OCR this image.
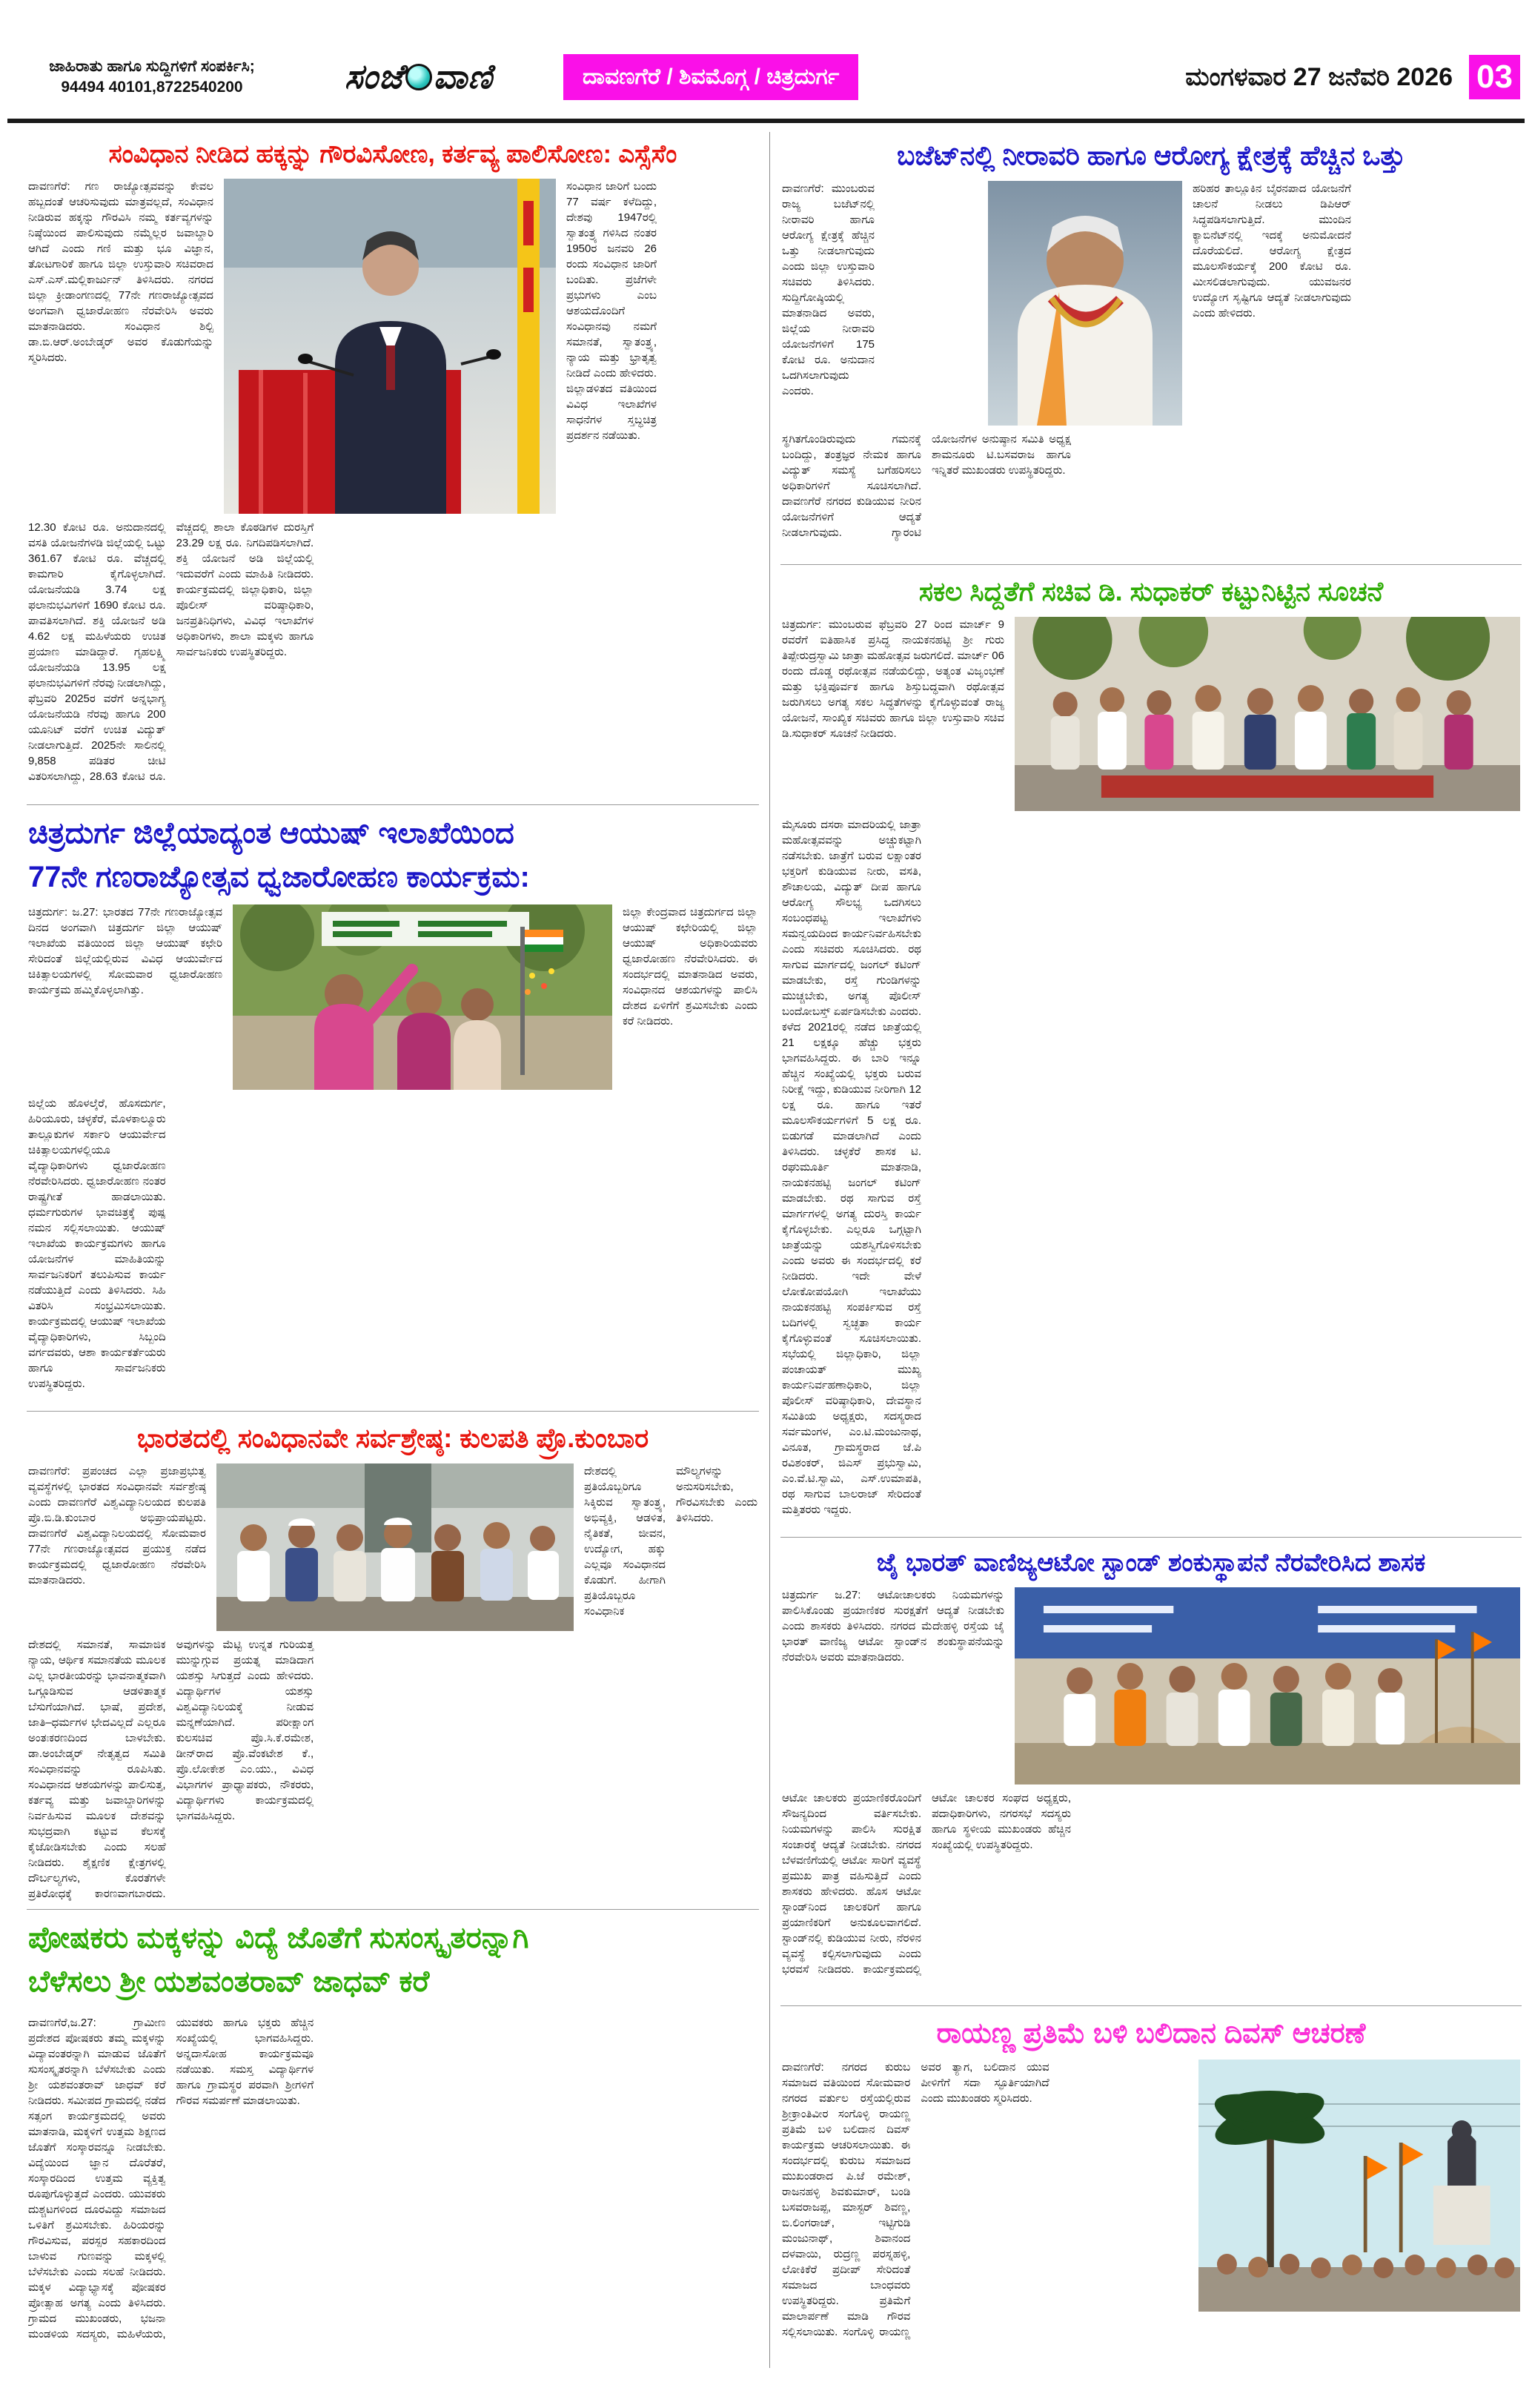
ಜಾಹಿರಾತು ಹಾಗೂ ಸುದ್ದಿಗಳಿಗೆ ಸಂಪರ್ಕಿಸಿ;
94494 40101,8722540200	ಸಂಜೆ ವಾಣಿ	ದಾವಣಗೆರೆ / ಶಿವಮೊಗ್ಗ / ಚಿತ್ರದುರ್ಗ	ಮಂಗಳವಾರ 27 ಜನೆವರಿ 2026 03
ಸಂವಿಧಾನ ನೀಡಿದ ಹಕ್ಕನ್ನು ಗೌರವಿಸೋಣ, ಕರ್ತವ್ಯ ಪಾಲಿಸೋಣ: ಎಸ್ಸೆಸೆಂ
ದಾವಣಗೆರೆ: ಗಣ ರಾಜ್ಯೋತ್ಸವವನ್ನು ಕೇವಲ ಹಬ್ಬದಂತೆ ಆಚರಿಸುವುದು ಮಾತ್ರವಲ್ಲದೆ, ಸಂವಿಧಾನ ನೀಡಿರುವ ಹಕ್ಕನ್ನು ಗೌರವಿಸಿ ನಮ್ಮ ಕರ್ತವ್ಯಗಳನ್ನು ನಿಷ್ಠೆಯಿಂದ ಪಾಲಿಸುವುದು ನಮ್ಮೆಲ್ಲರ ಜವಾಬ್ದಾರಿ ಆಗಿದೆ ಎಂದು ಗಣಿ ಮತ್ತು ಭೂ ವಿಜ್ಞಾನ, ತೋಟಗಾರಿಕೆ ಹಾಗೂ ಜಿಲ್ಲಾ ಉಸ್ತುವಾರಿ ಸಚಿವರಾದ ಎಸ್.ಎಸ್.ಮಲ್ಲಿಕಾರ್ಜುನ್ ತಿಳಿಸಿದರು. ನಗರದ ಜಿಲ್ಲಾ ಕ್ರೀಡಾಂಗಣದಲ್ಲಿ 77ನೇ ಗಣರಾಜ್ಯೋತ್ಸವದ ಅಂಗವಾಗಿ ಧ್ವಜಾರೋಹಣ ನೆರವೇರಿಸಿ ಅವರು ಮಾತನಾಡಿದರು. ಸಂವಿಧಾನ ಶಿಲ್ಪಿ ಡಾ.ಬಿ.ಆರ್.ಅಂಬೇಡ್ಕರ್ ಅವರ ಕೊಡುಗೆಯನ್ನು ಸ್ಮರಿಸಿದರು.
ಸಂವಿಧಾನ ಜಾರಿಗೆ ಬಂದು 77 ವರ್ಷ ಕಳೆದಿದ್ದು, ದೇಶವು 1947ರಲ್ಲಿ ಸ್ವಾತಂತ್ರ್ಯ ಗಳಿಸಿದ ನಂತರ 1950ರ ಜನವರಿ 26 ರಂದು ಸಂವಿಧಾನ ಜಾರಿಗೆ ಬಂದಿತು. ಪ್ರಜೆಗಳೇ ಪ್ರಭುಗಳು ಎಂಬ ಆಶಯದೊಂದಿಗೆ ಸಂವಿಧಾನವು ನಮಗೆ ಸಮಾನತೆ, ಸ್ವಾತಂತ್ರ್ಯ, ನ್ಯಾಯ ಮತ್ತು ಭ್ರಾತೃತ್ವ ನೀಡಿದೆ ಎಂದು ಹೇಳಿದರು. ಜಿಲ್ಲಾಡಳಿತದ ವತಿಯಿಂದ ವಿವಿಧ ಇಲಾಖೆಗಳ ಸಾಧನೆಗಳ ಸ್ತಬ್ಧಚಿತ್ರ ಪ್ರದರ್ಶನ ನಡೆಯಿತು.
12.30 ಕೋಟಿ ರೂ. ಅನುದಾನದಲ್ಲಿ ವಸತಿ ಯೋಜನೆಗಳಡಿ ಜಿಲ್ಲೆಯಲ್ಲಿ ಒಟ್ಟು 361.67 ಕೋಟಿ ರೂ. ವೆಚ್ಚದಲ್ಲಿ ಕಾಮಗಾರಿ ಕೈಗೊಳ್ಳಲಾಗಿದೆ. ಯೋಜನೆಯಡಿ 3.74 ಲಕ್ಷ ಫಲಾನುಭವಿಗಳಿಗೆ 1690 ಕೋಟಿ ರೂ. ಪಾವತಿಸಲಾಗಿದೆ. ಶಕ್ತಿ ಯೋಜನೆ ಅಡಿ 4.62 ಲಕ್ಷ ಮಹಿಳೆಯರು ಉಚಿತ ಪ್ರಯಾಣ ಮಾಡಿದ್ದಾರೆ. ಗೃಹಲಕ್ಷ್ಮಿ ಯೋಜನೆಯಡಿ 13.95 ಲಕ್ಷ ಫಲಾನುಭವಿಗಳಿಗೆ ನೆರವು ನೀಡಲಾಗಿದ್ದು, ಫೆಬ್ರವರಿ 2025ರ ವರೆಗೆ ಅನ್ನಭಾಗ್ಯ ಯೋಜನೆಯಡಿ ನೆರವು ಹಾಗೂ 200 ಯೂನಿಟ್ ವರೆಗೆ ಉಚಿತ ವಿದ್ಯುತ್ ನೀಡಲಾಗುತ್ತಿದೆ. 2025ನೇ ಸಾಲಿನಲ್ಲಿ 9,858 ಪಡಿತರ ಚೀಟಿ ವಿತರಿಸಲಾಗಿದ್ದು, 28.63 ಕೋಟಿ ರೂ. ವೆಚ್ಚದಲ್ಲಿ ಶಾಲಾ ಕೊಠಡಿಗಳ ದುರಸ್ತಿಗೆ 23.29 ಲಕ್ಷ ರೂ. ನಿಗದಿಪಡಿಸಲಾಗಿದೆ. ಶಕ್ತಿ ಯೋಜನೆ ಅಡಿ ಜಿಲ್ಲೆಯಲ್ಲಿ ಇದುವರೆಗೆ ಎಂದು ಮಾಹಿತಿ ನೀಡಿದರು. ಕಾರ್ಯಕ್ರಮದಲ್ಲಿ ಜಿಲ್ಲಾಧಿಕಾರಿ, ಜಿಲ್ಲಾ ಪೊಲೀಸ್ ವರಿಷ್ಠಾಧಿಕಾರಿ, ಜನಪ್ರತಿನಿಧಿಗಳು, ವಿವಿಧ ಇಲಾಖೆಗಳ ಅಧಿಕಾರಿಗಳು, ಶಾಲಾ ಮಕ್ಕಳು ಹಾಗೂ ಸಾರ್ವಜನಿಕರು ಉಪಸ್ಥಿತರಿದ್ದರು.
ಚಿತ್ರದುರ್ಗ ಜಿಲ್ಲೆಯಾದ್ಯಂತ ಆಯುಷ್ ಇಲಾಖೆಯಿಂದ
77ನೇ ಗಣರಾಜ್ಯೋತ್ಸವ ಧ್ವಜಾರೋಹಣ ಕಾರ್ಯಕ್ರಮ:
ಚಿತ್ರದುರ್ಗ: ಜ.27: ಭಾರತದ 77ನೇ ಗಣರಾಜ್ಯೋತ್ಸವ ದಿನದ ಅಂಗವಾಗಿ ಚಿತ್ರದುರ್ಗ ಜಿಲ್ಲಾ ಆಯುಷ್ ಇಲಾಖೆಯ ವತಿಯಿಂದ ಜಿಲ್ಲಾ ಆಯುಷ್ ಕಛೇರಿ ಸೇರಿದಂತೆ ಜಿಲ್ಲೆಯಲ್ಲಿರುವ ವಿವಿಧ ಆಯುರ್ವೇದ ಚಿಕಿತ್ಸಾಲಯಗಳಲ್ಲಿ ಸೋಮವಾರ ಧ್ವಜಾರೋಹಣ ಕಾರ್ಯಕ್ರಮ ಹಮ್ಮಿಕೊಳ್ಳಲಾಗಿತ್ತು.
ಜಿಲ್ಲಾ ಕೇಂದ್ರವಾದ ಚಿತ್ರದುರ್ಗದ ಜಿಲ್ಲಾ ಆಯುಷ್ ಕಛೇರಿಯಲ್ಲಿ ಜಿಲ್ಲಾ ಆಯುಷ್ ಅಧಿಕಾರಿಯವರು ಧ್ವಜಾರೋಹಣ ನೆರವೇರಿಸಿದರು. ಈ ಸಂದರ್ಭದಲ್ಲಿ ಮಾತನಾಡಿದ ಅವರು, ಸಂವಿಧಾನದ ಆಶಯಗಳನ್ನು ಪಾಲಿಸಿ ದೇಶದ ಏಳಿಗೆಗೆ ಶ್ರಮಿಸಬೇಕು ಎಂದು ಕರೆ ನೀಡಿದರು.
ಜಿಲ್ಲೆಯ ಹೊಳಲ್ಕೆರೆ, ಹೊಸದುರ್ಗ, ಹಿರಿಯೂರು, ಚಳ್ಳಕೆರೆ, ಮೊಳಕಾಲ್ಮೂರು ತಾಲ್ಲೂಕುಗಳ ಸರ್ಕಾರಿ ಆಯುರ್ವೇದ ಚಿಕಿತ್ಸಾಲಯಗಳಲ್ಲಿಯೂ ವೈದ್ಯಾಧಿಕಾರಿಗಳು ಧ್ವಜಾರೋಹಣ ನೆರವೇರಿಸಿದರು. ಧ್ವಜಾರೋಹಣ ನಂತರ ರಾಷ್ಟ್ರಗೀತೆ ಹಾಡಲಾಯಿತು. ಧರ್ಮಗುರುಗಳ ಭಾವಚಿತ್ರಕ್ಕೆ ಪುಷ್ಪ ನಮನ ಸಲ್ಲಿಸಲಾಯಿತು. ಆಯುಷ್ ಇಲಾಖೆಯ ಕಾರ್ಯಕ್ರಮಗಳು ಹಾಗೂ ಯೋಜನೆಗಳ ಮಾಹಿತಿಯನ್ನು ಸಾರ್ವಜನಿಕರಿಗೆ ತಲುಪಿಸುವ ಕಾರ್ಯ ನಡೆಯುತ್ತಿದೆ ಎಂದು ತಿಳಿಸಿದರು. ಸಿಹಿ ವಿತರಿಸಿ ಸಂಭ್ರಮಿಸಲಾಯಿತು. ಕಾರ್ಯಕ್ರಮದಲ್ಲಿ ಆಯುಷ್ ಇಲಾಖೆಯ ವೈದ್ಯಾಧಿಕಾರಿಗಳು, ಸಿಬ್ಬಂದಿ ವರ್ಗದವರು, ಆಶಾ ಕಾರ್ಯಕರ್ತೆಯರು ಹಾಗೂ ಸಾರ್ವಜನಿಕರು ಉಪಸ್ಥಿತರಿದ್ದರು.
ಭಾರತದಲ್ಲಿ ಸಂವಿಧಾನವೇ ಸರ್ವಶ್ರೇಷ್ಠ: ಕುಲಪತಿ ಪ್ರೊ.ಕುಂಬಾರ
ದಾವಣಗೆರೆ: ಪ್ರಪಂಚದ ಎಲ್ಲಾ ಪ್ರಜಾಪ್ರಭುತ್ವ ವ್ಯವಸ್ಥೆಗಳಲ್ಲಿ ಭಾರತದ ಸಂವಿಧಾನವೇ ಸರ್ವಶ್ರೇಷ್ಠ ಎಂದು ದಾವಣಗೆರೆ ವಿಶ್ವವಿದ್ಯಾನಿಲಯದ ಕುಲಪತಿ ಪ್ರೊ.ಬಿ.ಡಿ.ಕುಂಬಾರ ಅಭಿಪ್ರಾಯಪಟ್ಟರು. ದಾವಣಗೆರೆ ವಿಶ್ವವಿದ್ಯಾನಿಲಯದಲ್ಲಿ ಸೋಮವಾರ 77ನೇ ಗಣರಾಜ್ಯೋತ್ಸವದ ಪ್ರಯುಕ್ತ ನಡೆದ ಕಾರ್ಯಕ್ರಮದಲ್ಲಿ ಧ್ವಜಾರೋಹಣ ನೆರವೇರಿಸಿ ಮಾತನಾಡಿದರು.
ದೇಶದಲ್ಲಿ ಪ್ರತಿಯೊಬ್ಬರಿಗೂ ಸಿಕ್ಕಿರುವ ಸ್ವಾತಂತ್ರ್ಯ, ಅಭಿವ್ಯಕ್ತಿ, ಆಡಳಿತ, ನೈತಿಕತೆ, ಜೀವನ, ಉದ್ಯೋಗ, ಹಕ್ಕು ಎಲ್ಲವೂ ಸಂವಿಧಾನದ ಕೊಡುಗೆ. ಹೀಗಾಗಿ ಪ್ರತಿಯೊಬ್ಬರೂ ಸಂವಿಧಾನಿಕ ಮೌಲ್ಯಗಳನ್ನು ಅನುಸರಿಸಬೇಕು, ಗೌರವಿಸಬೇಕು ಎಂದು ತಿಳಿಸಿದರು.
ದೇಶದಲ್ಲಿ ಸಮಾನತೆ, ಸಾಮಾಜಿಕ ನ್ಯಾಯ, ಆರ್ಥಿಕ ಸಮಾನತೆಯ ಮೂಲಕ ಎಲ್ಲ ಭಾರತೀಯರನ್ನು ಭಾವನಾತ್ಮಕವಾಗಿ ಒಗ್ಗೂಡಿಸುವ ಆಡಳಿತಾತ್ಮಕ ಬೆಸುಗೆಯಾಗಿದೆ. ಭಾಷೆ, ಪ್ರದೇಶ, ಜಾತಿ–ಧರ್ಮಗಳ ಭೇದವಿಲ್ಲದೆ ಎಲ್ಲರೂ ಅಂತಃಕರಣದಿಂದ ಬಾಳಬೇಕು. ಡಾ.ಅಂಬೇಡ್ಕರ್ ನೇತೃತ್ವದ ಸಮಿತಿ ಸಂವಿಧಾನವನ್ನು ರೂಪಿಸಿತು. ಸಂವಿಧಾನದ ಆಶಯಗಳನ್ನು ಪಾಲಿಸುತ್ತ, ಕರ್ತವ್ಯ ಮತ್ತು ಜವಾಬ್ದಾರಿಗಳನ್ನು ನಿರ್ವಹಿಸುವ ಮೂಲಕ ದೇಶವನ್ನು ಸುಭದ್ರವಾಗಿ ಕಟ್ಟುವ ಕೆಲಸಕ್ಕೆ ಕೈಜೋಡಿಸಬೇಕು ಎಂದು ಸಲಹೆ ನೀಡಿದರು. ಶೈಕ್ಷಣಿಕ ಕ್ಷೇತ್ರಗಳಲ್ಲಿ ದೌರ್ಬಲ್ಯಗಳು, ಕೊರತೆಗಳೇ ಪ್ರತಿರೋಧಕ್ಕೆ ಕಾರಣವಾಗಬಾರದು. ಅವುಗಳನ್ನು ಮೆಟ್ಟಿ ಉನ್ನತ ಗುರಿಯತ್ತ ಮುನ್ನುಗ್ಗುವ ಪ್ರಯತ್ನ ಮಾಡಿದಾಗ ಯಶಸ್ಸು ಸಿಗುತ್ತದೆ ಎಂದು ಹೇಳಿದರು. ವಿದ್ಯಾರ್ಥಿಗಳ ಯಶಸ್ಸು ವಿಶ್ವವಿದ್ಯಾನಿಲಯಕ್ಕೆ ನೀಡುವ ಮನ್ನಣೆಯಾಗಿದೆ. ಪರೀಕ್ಷಾಂಗ ಕುಲಸಚಿವ ಪ್ರೊ.ಸಿ.ಕೆ.ರಮೇಶ, ಡೀನ್‌ರಾದ ಪ್ರೊ.ವೆಂಕಟೇಶ ಕೆ., ಪ್ರೊ.ಲೋಕೇಶ ಎಂ.ಯು., ವಿವಿಧ ವಿಭಾಗಗಳ ಪ್ರಾಧ್ಯಾಪಕರು, ನೌಕರರು, ವಿದ್ಯಾರ್ಥಿಗಳು ಕಾರ್ಯಕ್ರಮದಲ್ಲಿ ಭಾಗವಹಿಸಿದ್ದರು.
ಪೋಷಕರು ಮಕ್ಕಳನ್ನು ವಿದ್ಯೆ ಜೊತೆಗೆ ಸುಸಂಸ್ಕೃತರನ್ನಾಗಿ
ಬೆಳೆಸಲು ಶ್ರೀ ಯಶವಂತರಾವ್ ಜಾಧವ್ ಕರೆ
ದಾವಣಗೆರೆ,ಜ.27: ಗ್ರಾಮೀಣ ಪ್ರದೇಶದ ಪೋಷಕರು ತಮ್ಮ ಮಕ್ಕಳನ್ನು ವಿದ್ಯಾವಂತರನ್ನಾಗಿ ಮಾಡುವ ಜೊತೆಗೆ ಸುಸಂಸ್ಕೃತರನ್ನಾಗಿ ಬೆಳೆಸಬೇಕು ಎಂದು ಶ್ರೀ ಯಶವಂತರಾವ್ ಜಾಧವ್ ಕರೆ ನೀಡಿದರು. ಸಮೀಪದ ಗ್ರಾಮದಲ್ಲಿ ನಡೆದ ಸತ್ಸಂಗ ಕಾರ್ಯಕ್ರಮದಲ್ಲಿ ಅವರು ಮಾತನಾಡಿ, ಮಕ್ಕಳಿಗೆ ಉತ್ತಮ ಶಿಕ್ಷಣದ ಜೊತೆಗೆ ಸಂಸ್ಕಾರವನ್ನೂ ನೀಡಬೇಕು. ವಿದ್ಯೆಯಿಂದ ಜ್ಞಾನ ದೊರೆತರೆ, ಸಂಸ್ಕಾರದಿಂದ ಉತ್ತಮ ವ್ಯಕ್ತಿತ್ವ ರೂಪುಗೊಳ್ಳುತ್ತದೆ ಎಂದರು. ಯುವಕರು ದುಶ್ಚಟಗಳಿಂದ ದೂರವಿದ್ದು ಸಮಾಜದ ಒಳಿತಿಗೆ ಶ್ರಮಿಸಬೇಕು. ಹಿರಿಯರನ್ನು ಗೌರವಿಸುವ, ಪರಸ್ಪರ ಸಹಕಾರದಿಂದ ಬಾಳುವ ಗುಣವನ್ನು ಮಕ್ಕಳಲ್ಲಿ ಬೆಳೆಸಬೇಕು ಎಂದು ಸಲಹೆ ನೀಡಿದರು. ಮಕ್ಕಳ ವಿದ್ಯಾಭ್ಯಾಸಕ್ಕೆ ಪೋಷಕರ ಪ್ರೋತ್ಸಾಹ ಅಗತ್ಯ ಎಂದು ತಿಳಿಸಿದರು. ಗ್ರಾಮದ ಮುಖಂಡರು, ಭಜನಾ ಮಂಡಳಿಯ ಸದಸ್ಯರು, ಮಹಿಳೆಯರು, ಯುವಕರು ಹಾಗೂ ಭಕ್ತರು ಹೆಚ್ಚಿನ ಸಂಖ್ಯೆಯಲ್ಲಿ ಭಾಗವಹಿಸಿದ್ದರು. ಅನ್ನದಾಸೋಹ ಕಾರ್ಯಕ್ರಮವೂ ನಡೆಯಿತು. ಸಮಸ್ತ ವಿದ್ಯಾರ್ಥಿಗಳ ಹಾಗೂ ಗ್ರಾಮಸ್ಥರ ಪರವಾಗಿ ಶ್ರೀಗಳಿಗೆ ಗೌರವ ಸಮರ್ಪಣೆ ಮಾಡಲಾಯಿತು.
ಬಜೆಟ್‌ನಲ್ಲಿ ನೀರಾವರಿ ಹಾಗೂ ಆರೋಗ್ಯ ಕ್ಷೇತ್ರಕ್ಕೆ ಹೆಚ್ಚಿನ ಒತ್ತು
ದಾವಣಗೆರೆ: ಮುಂಬರುವ ರಾಜ್ಯ ಬಜೆಟ್‌ನಲ್ಲಿ ನೀರಾವರಿ ಹಾಗೂ ಆರೋಗ್ಯ ಕ್ಷೇತ್ರಕ್ಕೆ ಹೆಚ್ಚಿನ ಒತ್ತು ನೀಡಲಾಗುವುದು ಎಂದು ಜಿಲ್ಲಾ ಉಸ್ತುವಾರಿ ಸಚಿವರು ತಿಳಿಸಿದರು. ಸುದ್ದಿಗೋಷ್ಠಿಯಲ್ಲಿ ಮಾತನಾಡಿದ ಅವರು, ಜಿಲ್ಲೆಯ ನೀರಾವರಿ ಯೋಜನೆಗಳಿಗೆ 175 ಕೋಟಿ ರೂ. ಅನುದಾನ ಒದಗಿಸಲಾಗುವುದು ಎಂದರು.
ಹರಿಹರ ತಾಲ್ಲೂಕಿನ ಬೈರನಪಾದ ಯೋಜನೆಗೆ ಚಾಲನೆ ನೀಡಲು ಡಿಪಿಆರ್ ಸಿದ್ಧಪಡಿಸಲಾಗುತ್ತಿದೆ. ಮುಂದಿನ ಕ್ಯಾಬಿನೆಟ್‌ನಲ್ಲಿ ಇದಕ್ಕೆ ಅನುಮೋದನೆ ದೊರೆಯಲಿದೆ. ಆರೋಗ್ಯ ಕ್ಷೇತ್ರದ ಮೂಲಸೌಕರ್ಯಕ್ಕೆ 200 ಕೋಟಿ ರೂ. ಮೀಸಲಿಡಲಾಗುವುದು. ಯುವಜನರ ಉದ್ಯೋಗ ಸೃಷ್ಟಿಗೂ ಆದ್ಯತೆ ನೀಡಲಾಗುವುದು ಎಂದು ಹೇಳಿದರು.
ಸ್ಥಗಿತಗೊಂಡಿರುವುದು ಗಮನಕ್ಕೆ ಬಂದಿದ್ದು, ತಂತ್ರಜ್ಞರ ನೇಮಕ ಹಾಗೂ ವಿದ್ಯುತ್ ಸಮಸ್ಯೆ ಬಗೆಹರಿಸಲು ಅಧಿಕಾರಿಗಳಿಗೆ ಸೂಚಿಸಲಾಗಿದೆ. ದಾವಣಗೆರೆ ನಗರದ ಕುಡಿಯುವ ನೀರಿನ ಯೋಜನೆಗಳಿಗೆ ಆದ್ಯತೆ ನೀಡಲಾಗುವುದು. ಗ್ಯಾರಂಟಿ ಯೋಜನೆಗಳ ಅನುಷ್ಠಾನ ಸಮಿತಿ ಅಧ್ಯಕ್ಷ ಶಾಮನೂರು ಟಿ.ಬಸವರಾಜ ಹಾಗೂ ಇನ್ನಿತರೆ ಮುಖಂಡರು ಉಪಸ್ಥಿತರಿದ್ದರು.
ಸಕಲ ಸಿದ್ದತೆಗೆ ಸಚಿವ ಡಿ. ಸುಧಾಕರ್ ಕಟ್ಟುನಿಟ್ಟಿನ ಸೂಚನೆ
ಚಿತ್ರದುರ್ಗ: ಮುಂಬರುವ ಫೆಬ್ರವರಿ 27 ರಿಂದ ಮಾರ್ಚ್ 9 ರವರೆಗೆ ಐತಿಹಾಸಿಕ ಪ್ರಸಿದ್ಧ ನಾಯಕನಹಟ್ಟಿ ಶ್ರೀ ಗುರು ತಿಪ್ಪೇರುದ್ರಸ್ವಾಮಿ ಜಾತ್ರಾ ಮಹೋತ್ಸವ ಜರುಗಲಿದೆ. ಮಾರ್ಚ್ 06 ರಂದು ದೊಡ್ಡ ರಥೋತ್ಸವ ನಡೆಯಲಿದ್ದು, ಅತ್ಯಂತ ವಿಜೃಂಭಣೆ ಮತ್ತು ಭಕ್ತಿಪೂರ್ವಕ ಹಾಗೂ ಶಿಸ್ತುಬದ್ಧವಾಗಿ ರಥೋತ್ಸವ ಜರುಗಿಸಲು ಅಗತ್ಯ ಸಕಲ ಸಿದ್ಧತೆಗಳನ್ನು ಕೈಗೊಳ್ಳುವಂತೆ ರಾಜ್ಯ ಯೋಜನೆ, ಸಾಂಖ್ಯಿಕ ಸಚಿವರು ಹಾಗೂ ಜಿಲ್ಲಾ ಉಸ್ತುವಾರಿ ಸಚಿವ ಡಿ.ಸುಧಾಕರ್ ಸೂಚನೆ ನೀಡಿದರು.
ಮೈಸೂರು ದಸರಾ ಮಾದರಿಯಲ್ಲಿ ಜಾತ್ರಾ ಮಹೋತ್ಸವವನ್ನು ಅಚ್ಚುಕಟ್ಟಾಗಿ ನಡೆಸಬೇಕು. ಜಾತ್ರೆಗೆ ಬರುವ ಲಕ್ಷಾಂತರ ಭಕ್ತರಿಗೆ ಕುಡಿಯುವ ನೀರು, ವಸತಿ, ಶೌಚಾಲಯ, ವಿದ್ಯುತ್ ದೀಪ ಹಾಗೂ ಆರೋಗ್ಯ ಸೌಲಭ್ಯ ಒದಗಿಸಲು ಸಂಬಂಧಪಟ್ಟ ಇಲಾಖೆಗಳು ಸಮನ್ವಯದಿಂದ ಕಾರ್ಯನಿರ್ವಹಿಸಬೇಕು ಎಂದು ಸಚಿವರು ಸೂಚಿಸಿದರು. ರಥ ಸಾಗುವ ಮಾರ್ಗದಲ್ಲಿ ಜಂಗಲ್ ಕಟಿಂಗ್ ಮಾಡಬೇಕು, ರಸ್ತೆ ಗುಂಡಿಗಳನ್ನು ಮುಚ್ಚಬೇಕು, ಅಗತ್ಯ ಪೊಲೀಸ್ ಬಂದೋಬಸ್ತ್ ಏರ್ಪಡಿಸಬೇಕು ಎಂದರು. ಕಳೆದ 2021ರಲ್ಲಿ ನಡೆದ ಜಾತ್ರೆಯಲ್ಲಿ 21 ಲಕ್ಷಕ್ಕೂ ಹೆಚ್ಚು ಭಕ್ತರು ಭಾಗವಹಿಸಿದ್ದರು. ಈ ಬಾರಿ ಇನ್ನೂ ಹೆಚ್ಚಿನ ಸಂಖ್ಯೆಯಲ್ಲಿ ಭಕ್ತರು ಬರುವ ನಿರೀಕ್ಷೆ ಇದ್ದು, ಕುಡಿಯುವ ನೀರಿಗಾಗಿ 12 ಲಕ್ಷ ರೂ. ಹಾಗೂ ಇತರೆ ಮೂಲಸೌಕರ್ಯಗಳಿಗೆ 5 ಲಕ್ಷ ರೂ. ಬಿಡುಗಡೆ ಮಾಡಲಾಗಿದೆ ಎಂದು ತಿಳಿಸಿದರು. ಚಳ್ಳಕೆರೆ ಶಾಸಕ ಟಿ. ರಘುಮೂರ್ತಿ ಮಾತನಾಡಿ, ನಾಯಕನಹಟ್ಟಿ ಜಂಗಲ್ ಕಟಿಂಗ್ ಮಾಡಬೇಕು. ರಥ ಸಾಗುವ ರಸ್ತೆ ಮಾರ್ಗಗಳಲ್ಲಿ ಅಗತ್ಯ ದುರಸ್ತಿ ಕಾರ್ಯ ಕೈಗೊಳ್ಳಬೇಕು. ಎಲ್ಲರೂ ಒಗ್ಗಟ್ಟಾಗಿ ಜಾತ್ರೆಯನ್ನು ಯಶಸ್ವಿಗೊಳಿಸಬೇಕು ಎಂದು ಅವರು ಈ ಸಂದರ್ಭದಲ್ಲಿ ಕರೆ ನೀಡಿದರು. ಇದೇ ವೇಳೆ ಲೋಕೋಪಯೋಗಿ ಇಲಾಖೆಯು ನಾಯಕನಹಟ್ಟಿ ಸಂಪರ್ಕಿಸುವ ರಸ್ತೆ ಬದಿಗಳಲ್ಲಿ ಸ್ವಚ್ಛತಾ ಕಾರ್ಯ ಕೈಗೊಳ್ಳುವಂತೆ ಸೂಚಿಸಲಾಯಿತು. ಸಭೆಯಲ್ಲಿ ಜಿಲ್ಲಾಧಿಕಾರಿ, ಜಿಲ್ಲಾ ಪಂಚಾಯತ್ ಮುಖ್ಯ ಕಾರ್ಯನಿರ್ವಹಣಾಧಿಕಾರಿ, ಜಿಲ್ಲಾ ಪೊಲೀಸ್ ವರಿಷ್ಠಾಧಿಕಾರಿ, ದೇವಸ್ಥಾನ ಸಮಿತಿಯ ಅಧ್ಯಕ್ಷರು, ಸದಸ್ಯರಾದ ಸರ್ವಮಂಗಳ, ಎಂ.ಟಿ.ಮಂಜುನಾಥ, ವಿನೂತ, ಗ್ರಾಮಸ್ಥರಾದ ಜೆ.ಪಿ ರವಿಶಂಕರ್, ಜಿಎಸ್ ಪ್ರಭುಸ್ವಾಮಿ, ಎಂ.ವೆ.ಟಿ.ಸ್ವಾಮಿ, ಎಸ್.ಉಮಾಪತಿ, ರಥ ಸಾಗುವ ಬಾಲರಾಜ್ ಸೇರಿದಂತೆ ಮತ್ತಿತರರು ಇದ್ದರು.
ಜೈ ಭಾರತ್ ವಾಣಿಜ್ಯಆಟೋ ಸ್ಟಾಂಡ್ ಶಂಕುಸ್ಥಾಪನೆ ನೆರವೇರಿಸಿದ ಶಾಸಕ
ಚಿತ್ರದುರ್ಗ ಜ.27: ಆಟೋಚಾಲಕರು ನಿಯಮಗಳನ್ನು ಪಾಲಿಸಿಕೊಂಡು ಪ್ರಯಾಣಿಕರ ಸುರಕ್ಷತೆಗೆ ಆದ್ಯತೆ ನೀಡಬೇಕು ಎಂದು ಶಾಸಕರು ತಿಳಿಸಿದರು. ನಗರದ ಮೆದೇಹಳ್ಳಿ ರಸ್ತೆಯ ಜೈ ಭಾರತ್ ವಾಣಿಜ್ಯ ಆಟೋ ಸ್ಟಾಂಡ್‌ನ ಶಂಕುಸ್ಥಾಪನೆಯನ್ನು ನೆರವೇರಿಸಿ ಅವರು ಮಾತನಾಡಿದರು.
ಆಟೋ ಚಾಲಕರು ಪ್ರಯಾಣಿಕರೊಂದಿಗೆ ಸೌಜನ್ಯದಿಂದ ವರ್ತಿಸಬೇಕು. ನಿಯಮಗಳನ್ನು ಪಾಲಿಸಿ ಸುರಕ್ಷಿತ ಸಂಚಾರಕ್ಕೆ ಆದ್ಯತೆ ನೀಡಬೇಕು. ನಗರದ ಬೆಳವಣಿಗೆಯಲ್ಲಿ ಆಟೋ ಸಾರಿಗೆ ವ್ಯವಸ್ಥೆ ಪ್ರಮುಖ ಪಾತ್ರ ವಹಿಸುತ್ತಿದೆ ಎಂದು ಶಾಸಕರು ಹೇಳಿದರು. ಹೊಸ ಆಟೋ ಸ್ಟಾಂಡ್‌ನಿಂದ ಚಾಲಕರಿಗೆ ಹಾಗೂ ಪ್ರಯಾಣಿಕರಿಗೆ ಅನುಕೂಲವಾಗಲಿದೆ. ಸ್ಟಾಂಡ್‌ನಲ್ಲಿ ಕುಡಿಯುವ ನೀರು, ನೆರಳಿನ ವ್ಯವಸ್ಥೆ ಕಲ್ಪಿಸಲಾಗುವುದು ಎಂದು ಭರವಸೆ ನೀಡಿದರು. ಕಾರ್ಯಕ್ರಮದಲ್ಲಿ ಆಟೋ ಚಾಲಕರ ಸಂಘದ ಅಧ್ಯಕ್ಷರು, ಪದಾಧಿಕಾರಿಗಳು, ನಗರಸಭೆ ಸದಸ್ಯರು ಹಾಗೂ ಸ್ಥಳೀಯ ಮುಖಂಡರು ಹೆಚ್ಚಿನ ಸಂಖ್ಯೆಯಲ್ಲಿ ಉಪಸ್ಥಿತರಿದ್ದರು.
ರಾಯಣ್ಣ ಪ್ರತಿಮೆ ಬಳಿ ಬಲಿದಾನ ದಿವಸ್ ಆಚರಣೆ
ದಾವಣಗೆರೆ: ನಗರದ ಕುರುಬ ಸಮಾಜದ ವತಿಯಿಂದ ಸೋಮವಾರ ನಗರದ ವರ್ತುಲ ರಸ್ತೆಯಲ್ಲಿರುವ ಶ್ರೀಕ್ರಾಂತಿವೀರ ಸಂಗೊಳ್ಳಿ ರಾಯಣ್ಣ ಪ್ರತಿಮೆ ಬಳಿ ಬಲಿದಾನ ದಿವಸ್ ಕಾರ್ಯಕ್ರಮ ಆಚರಿಸಲಾಯಿತು. ಈ ಸಂದರ್ಭದಲ್ಲಿ ಕುರುಬ ಸಮಾಜದ ಮುಖಂಡರಾದ ಪಿ.ಜೆ ರಮೇಶ್, ರಾಜನಹಳ್ಳಿ ಶಿವಕುಮಾರ್, ಬಂಡಿ ಬಸವರಾಜಪ್ಪ, ಮಾಸ್ಟರ್ ಶಿವಣ್ಣ, ಬಿ.ಲಿಂಗರಾಜ್, ಇಟ್ಟಿಗುಡಿ ಮಂಜುನಾಥ್, ಶಿವಾನಂದ ದಳವಾಯಿ, ರುದ್ರಣ್ಣ ಪರಸ್ನಹಳ್ಳಿ, ಲೋಕಿಕೆರೆ ಪ್ರದೀಪ್ ಸೇರಿದಂತೆ ಸಮಾಜದ ಬಾಂಧವರು ಉಪಸ್ಥಿತರಿದ್ದರು. ಪ್ರತಿಮೆಗೆ ಮಾಲಾರ್ಪಣೆ ಮಾಡಿ ಗೌರವ ಸಲ್ಲಿಸಲಾಯಿತು. ಸಂಗೊಳ್ಳಿ ರಾಯಣ್ಣ ಅವರ ತ್ಯಾಗ, ಬಲಿದಾನ ಯುವ ಪೀಳಿಗೆಗೆ ಸದಾ ಸ್ಫೂರ್ತಿಯಾಗಿದೆ ಎಂದು ಮುಖಂಡರು ಸ್ಮರಿಸಿದರು.
